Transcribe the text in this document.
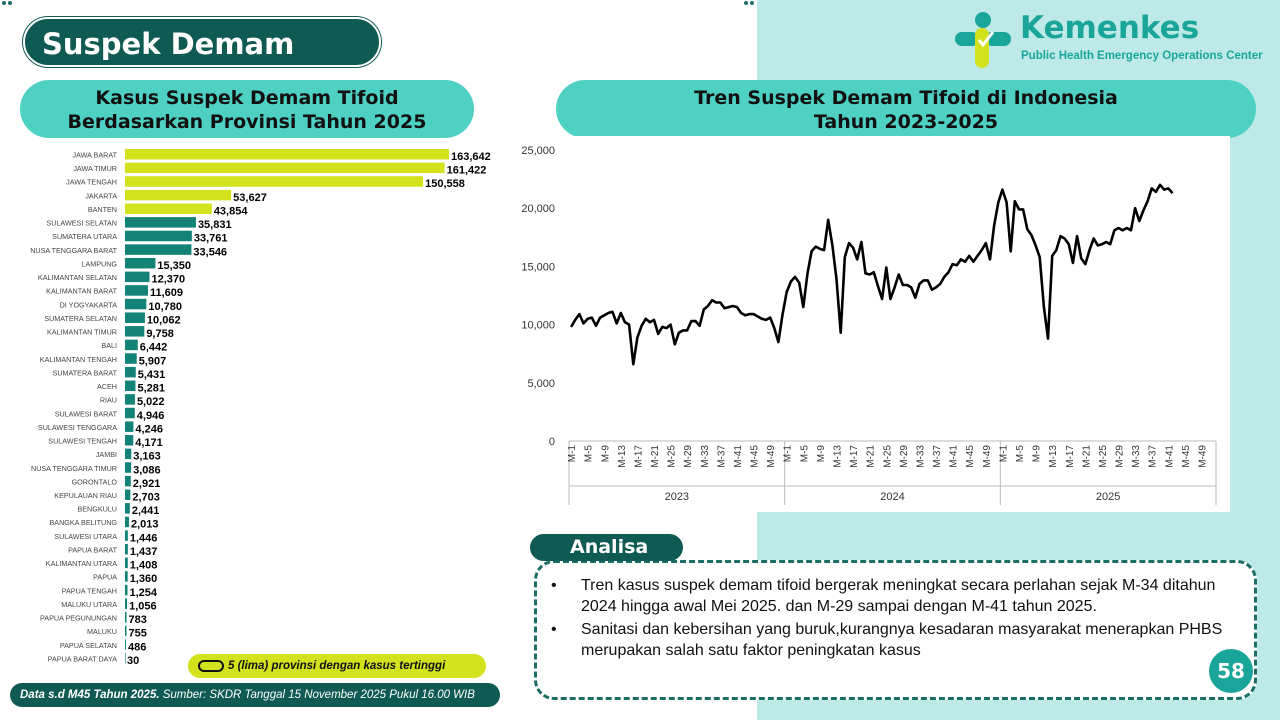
Suspek Demam	Kemenkes
Public Health Emergency Operations Center
Kasus Suspek Demam Tifoid
Berdasarkan Provinsi Tahun 2025
Tren Suspek Demam Tifoid di Indonesia
Tahun 2023-2025
JAWA BARAT	163,642
JAWA TIMUR	161,422
JAWA TENGAH	150,558
JAKARTA	53,627
BANTEN	43,854
SULAWESI SELATAN	35,831
SUMATERA UTARA	33,761
NUSA TENGGARA BARAT	33,546
LAMPUNG	15,350
KALIMANTAN SELATAN	12,370
KALIMANTAN BARAT	11,609
DI YOGYAKARTA	10,780
SUMATERA SELATAN	10,062
KALIMANTAN TIMUR	9,758
BALI 6,442
KALIMANTAN TENGAH 5,907
SUMATERA BARAT 5,431
ACEH 5,281
RIAU 5,022
SULAWESI BARAT 4,946
SULAWESI TENGGARA 4,246
SULAWESI TENGAH 4,171
JAMBI 3,163
NUSA TENGGARA TIMUR 3,086
GORONTALO 2,921
KEPULAUAN RIAU 2,703
BENGKULU 2,441
BANGKA BELITUNG 2,013
SULAWESI UTARA 1,446
PAPUA BARAT 1,437
KALIMANTAN UTARA 1,408
PAPUA 1,360
PAPUA TENGAH 1,254
MALUKU UTARA 1,056
PAPUA PEGUNUNGAN 783
MALUKU 755
PAPUA SELATAN 486
PAPUA BARAT DAYA 30	5 (lima) provinsi dengan kasus tertinggi
Data s.d M45 Tahun 2025. Sumber: SKDR Tanggal 15 November 2025 Pukul 16.00 WIB
0
5,000
10,000
15,000
20,000
25,000
M-1 M-5 M-9 M-13 M-17 M-21 M-25 M-29 M-33 M-37 M-41 M-45 M-49
2023
M-1 M-5 M-9 M-13 M-17 M-21 M-25 M-29 M-33 M-37 M-41 M-45 M-49
2024
M-1 M-5 M-9 M-13 M-17 M-21 M-25 M-29 M-33 M-37 M-41 M-45 M-49
2025
Analisa
• Tren kasus suspek demam tifoid bergerak meningkat secara perlahan sejak M-34 ditahun 2024 hingga awal Mei 2025. dan M-29 sampai dengan M-41 tahun 2025.
• Sanitasi dan kebersihan yang buruk,kurangnya kesadaran masyarakat menerapkan PHBS merupakan salah satu faktor peningkatan kasus
58
